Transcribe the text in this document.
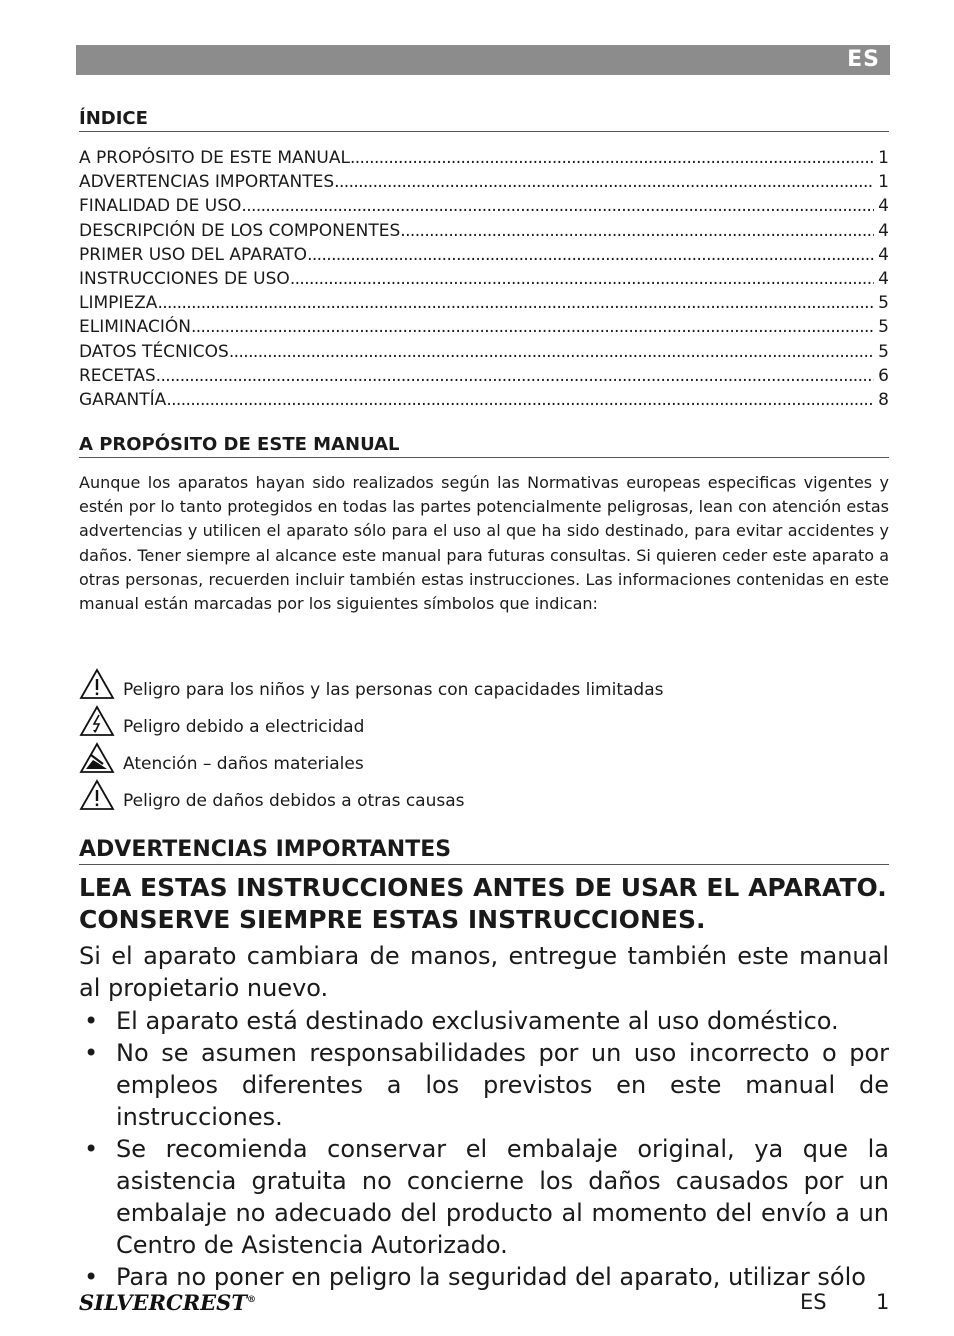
ES
ÍNDICE
A PROPÓSITO DE ESTE MANUAL . . .	1
ADVERTENCIAS IMPORTANTES . . .	1
FINALIDAD DE USO . . .	4
DESCRIPCIÓN DE LOS COMPONENTES . . .	4
PRIMER USO DEL APARATO . . .	4
INSTRUCCIONES DE USO . . .	4
LIMPIEZA . . .	5
ELIMINACIÓN . . .	5
DATOS TÉCNICOS . . .	5
RECETAS . . .	6
GARANTÍA . . .	8
A PROPÓSITO DE ESTE MANUAL
Aunque los aparatos hayan sido realizados según las Normativas europeas especificas vigentes y estén por lo tanto protegidos en todas las partes potencialmente peligrosas, lean con atención estas advertencias y utilicen el aparato sólo para el uso al que ha sido destinado, para evitar accidentes y daños. Tener siempre al alcance este manual para futuras consultas. Si quieren ceder este aparato a otras personas, recuerden incluir también estas instrucciones. Las informaciones contenidas en este manual están marcadas por los siguientes símbolos que indican:
Peligro para los niños y las personas con capacidades limitadas
Peligro debido a electricidad
Atención – daños materiales
Peligro de daños debidos a otras causas
ADVERTENCIAS IMPORTANTES
LEA ESTAS INSTRUCCIONES ANTES DE USAR EL APARATO.
CONSERVE SIEMPRE ESTAS INSTRUCCIONES.
Si el aparato cambiara de manos, entregue también este manual al propietario nuevo.
• El aparato está destinado exclusivamente al uso doméstico.
• No se asumen responsabilidades por un uso incorrecto o por empleos diferentes a los previstos en este manual de instrucciones.
• Se recomienda conservar el embalaje original, ya que la asistencia gratuita no concierne los daños causados por un embalaje no adecuado del producto al momento del envío a un Centro de Asistencia Autorizado.
• Para no poner en peligro la seguridad del aparato, utilizar sólo
SILVERCREST®	ES 1
